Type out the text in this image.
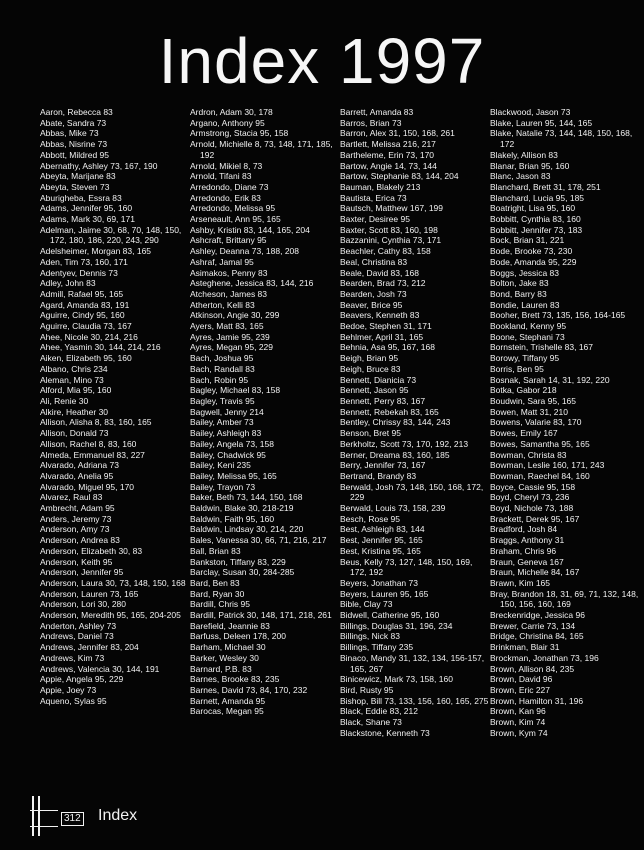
Index 1997
Aaron, Rebecca 83
Abate, Sandra 73
Abbas, Mike 73
Abbas, Nisrine 73
Abbott, Mildred 95
Abernathy, Ashley 73, 167, 190
Abeyta, Marijane 83
Abeyta, Steven 73
Aburigheba, Essra 83
Adams, Jennifer 95, 160
Adams, Mark 30, 69, 171
Adelman, Jaime 30, 68, 70, 148, 150, 172, 180, 186, 220, 243, 290
Adelsheimer, Morgan 83, 165
Aden, Tim 73, 160, 171
Adentyev, Dennis 73
Adley, John 83
Admill, Rafael 95, 165
Agard, Amanda 83, 191
Aguirre, Cindy 95, 160
Aguirre, Claudia 73, 167
Ahee, Nicole 30, 214, 216
Ahee, Yasmin 30, 144, 214, 216
Aiken, Elizabeth 95, 160
Albano, Chris 234
Aleman, Mino 73
Alford, Mia 95, 160
Ali, Renie 30
Alkire, Heather 30
Allison, Alisha 8, 83, 160, 165
Allison, Donald 73
Allison, Rachel 8, 83, 160
Almeda, Emmanuel 83, 227
Alvarado, Adriana 73
Alvarado, Anelia 95
Alvarado, Miguel 95, 170
Alvarez, Raul 83
Ambrecht, Adam 95
Anders, Jeremy 73
Anderson, Amy 73
Anderson, Andrea 83
Anderson, Elizabeth 30, 83
Anderson, Keith 95
Anderson, Jennifer 95
Anderson, Laura 30, 73, 148, 150, 168
Anderson, Lauren 73, 165
Anderson, Lori 30, 280
Anderson, Meredith 95, 165, 204-205
Anderton, Ashley 73
Andrews, Daniel 73
Andrews, Jennifer 83, 204
Andrews, Kim 73
Andrews, Valencia 30, 144, 191
Appie, Angela 95, 229
Appie, Joey 73
Aqueno, Sylas 95
Ardron, Adam 30, 178
Argano, Anthony 95
Armstrong, Stacia 95, 158
Arnold, Michielle 8, 73, 148, 171, 185, 192
Arnold, Mikiel 8, 73
Arnold, Tifani 83
Arredondo, Diane 73
Arredondo, Erik 83
Arredondo, Melissa 95
Arseneault, Ann 95, 165
Ashby, Kristin 83, 144, 165, 204
Ashcraft, Brittany 95
Ashley, Deanna 73, 188, 208
Ashraf, Jamal 95
Asimakos, Penny 83
Asteghene, Jessica 83, 144, 216
Atcheson, James 83
Atherton, Kelli 83
Atkinson, Angie 30, 299
Ayers, Matt 83, 165
Ayres, Jamie 95, 239
Ayres, Megan 95, 229
Bach, Joshua 95
Bach, Randall 83
Bach, Robin 95
Bagley, Michael 83, 158
Bagley, Travis 95
Bagwell, Jenny 214
Bailey, Amber 73
Bailey, Ashleigh 83
Bailey, Angela 73, 158
Bailey, Chadwick 95
Bailey, Keni 235
Bailey, Melissa 95, 165
Bailey, Trayon 73
Baker, Beth 73, 144, 150, 168
Baldwin, Blake 30, 218-219
Baldwin, Faith 95, 160
Baldwin, Lindsay 30, 214, 220
Bales, Vanessa 30, 66, 71, 216, 217
Ball, Brian 83
Bankston, Tiffany 83, 229
Barclay, Susan 30, 284-285
Bard, Ben 83
Bard, Ryan 30
Bardill, Chris 95
Bardill, Patrick 30, 148, 171, 218, 261
Barefield, Jeannie 83
Barfuss, Deleen 178, 200
Barham, Michael 30
Barker, Wesley 30
Barnard, P.B. 83
Barnes, Brooke 83, 235
Barnes, David 73, 84, 170, 232
Barnett, Amanda 95
Barocas, Megan 95
Barrett, Amanda 83
Barros, Brian 73
Barron, Alex 31, 150, 168, 261
Bartlett, Melissa 216, 217
Bartheleme, Erin 73, 170
Bartow, Angie 14, 73, 144
Bartow, Stephanie 83, 144, 204
Bauman, Blakely 213
Bautista, Erica 73
Bautsch, Matthew 167, 199
Baxter, Desiree 95
Baxter, Scott 83, 160, 198
Bazzanini, Cynthia 73, 171
Beachler, Cathy 83, 158
Beal, Christina 83
Beale, David 83, 168
Bearden, Brad 73, 212
Bearden, Josh 73
Beaver, Brice 95
Beavers, Kenneth 83
Bedoe, Stephen 31, 171
Behlmer, April 31, 165
Behnia, Asa 95, 167, 168
Beigh, Brian 95
Beigh, Bruce 83
Bennett, Dianicia 73
Bennett, Jason 95
Bennett, Perry 83, 167
Bennett, Rebekah 83, 165
Bentley, Chrissy 83, 144, 243
Benson, Bret 95
Berkholtz, Scott 73, 170, 192, 213
Berner, Dreama 83, 160, 185
Berry, Jennifer 73, 167
Bertrand, Brandy 83
Berwald, Josh 73, 148, 150, 168, 172, 229
Berwald, Louis 73, 158, 239
Besch, Rose 95
Best, Ashleigh 83, 144
Best, Jennifer 95, 165
Best, Kristina 95, 165
Beus, Kelly 73, 127, 148, 150, 169, 172, 192
Beyers, Jonathan 73
Beyers, Lauren 95, 165
Bible, Clay 73
Bidwell, Catherine 95, 160
Billings, Douglas 31, 196, 234
Billings, Nick 83
Billings, Tiffany 235
Binaco, Mandy 31, 132, 134, 156-157, 165, 267
Binicewicz, Mark 73, 158, 160
Bird, Rusty 95
Bishop, Bill 73, 133, 156, 160, 165, 275
Black, Eddie 83, 212
Black, Shane 73
Blackstone, Kenneth 73
Blackwood, Jason 73
Blake, Lauren 95, 144, 165
Blake, Natalie 73, 144, 148, 150, 168, 172
Blakely, Allison 83
Blanar, Brian 95, 160
Blanc, Jason 83
Blanchard, Brett 31, 178, 251
Blanchard, Lucia 95, 185
Boatright, Lisa 95, 160
Bobbitt, Cynthia 83, 160
Bobbitt, Jennifer 73, 183
Bock, Brian 31, 221
Bode, Brooke 73, 230
Bode, Amanda 95, 229
Boggs, Jessica 83
Bolton, Jake 83
Bond, Barry 83
Bondie, Lauren 83
Booher, Brett 73, 135, 156, 164-165
Bookland, Kenny 95
Boone, Stephani 73
Bornstein, Trishelle 83, 167
Borowy, Tiffany 95
Borris, Ben 95
Bosnak, Sarah 14, 31, 192, 220
Botka, Gabor 218
Boudwin, Sara 95, 165
Bowen, Matt 31, 210
Bowens, Valarie 83, 170
Bowes, Emily 167
Bowes, Samantha 95, 165
Bowman, Christa 83
Bowman, Leslie 160, 171, 243
Bowman, Raechel 84, 160
Boyce, Cassie 95, 158
Boyd, Cheryl 73, 236
Boyd, Nichole 73, 188
Brackett, Derek 95, 167
Bradford, Josh 84
Braggs, Anthony 31
Braham, Chris 96
Braun, Geneva 167
Braun, Michelle 84, 167
Brawn, Kim 165
Bray, Brandon 18, 31, 69, 71, 132, 148, 150, 156, 160, 169
Breckenridge, Jessica 96
Brewer, Carrie 73, 134
Bridge, Christina 84, 165
Brinkman, Blair 31
Brockman, Jonathan 73, 196
Brown, Allison 84, 235
Brown, David 96
Brown, Eric 227
Brown, Hamilton 31, 196
Brown, Kan 96
Brown, Kim 74
Brown, Kym 74
312 Index
